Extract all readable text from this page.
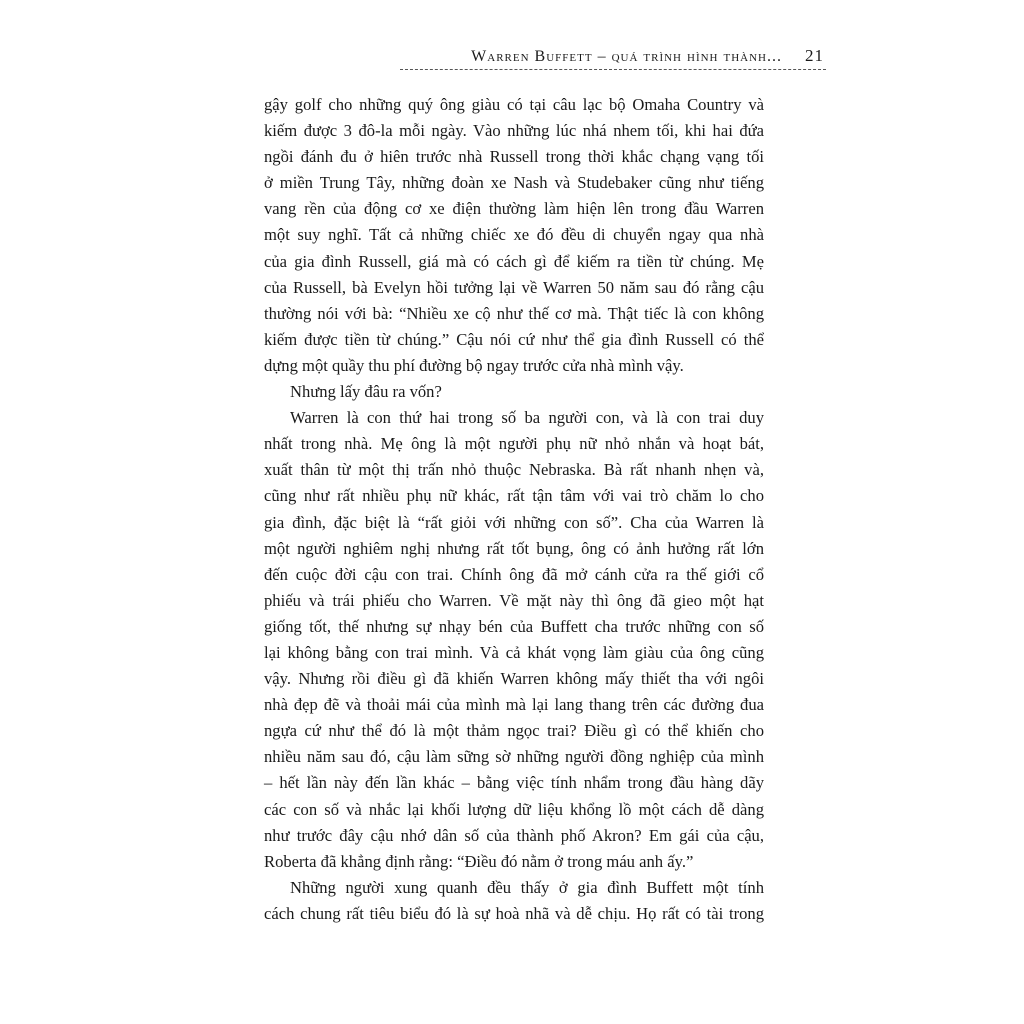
Warren Buffett – quá trình hình thành... 21
gậy golf cho những quý ông giàu có tại câu lạc bộ Omaha Country và
kiếm được 3 đô-la mỗi ngày. Vào những lúc nhá nhem tối, khi hai đứa
ngồi đánh đu ở hiên trước nhà Russell trong thời khắc chạng vạng tối
ở miền Trung Tây, những đoàn xe Nash và Studebaker cũng như tiếng
vang rền của động cơ xe điện thường làm hiện lên trong đầu Warren
một suy nghĩ. Tất cả những chiếc xe đó đều di chuyển ngay qua nhà
của gia đình Russell, giá mà có cách gì để kiếm ra tiền từ chúng. Mẹ
của Russell, bà Evelyn hồi tưởng lại về Warren 50 năm sau đó rằng cậu
thường nói với bà: “Nhiều xe cộ như thế cơ mà. Thật tiếc là con không
kiếm được tiền từ chúng.” Cậu nói cứ như thể gia đình Russell có thể
dựng một quầy thu phí đường bộ ngay trước cửa nhà mình vậy.
Nhưng lấy đâu ra vốn?
Warren là con thứ hai trong số ba người con, và là con trai duy
nhất trong nhà. Mẹ ông là một người phụ nữ nhỏ nhắn và hoạt bát,
xuất thân từ một thị trấn nhỏ thuộc Nebraska. Bà rất nhanh nhẹn và,
cũng như rất nhiều phụ nữ khác, rất tận tâm với vai trò chăm lo cho
gia đình, đặc biệt là “rất giỏi với những con số”. Cha của Warren là
một người nghiêm nghị nhưng rất tốt bụng, ông có ảnh hưởng rất lớn
đến cuộc đời cậu con trai. Chính ông đã mở cánh cửa ra thế giới cổ
phiếu và trái phiếu cho Warren. Về mặt này thì ông đã gieo một hạt
giống tốt, thế nhưng sự nhạy bén của Buffett cha trước những con số
lại không bằng con trai mình. Và cả khát vọng làm giàu của ông cũng
vậy. Nhưng rồi điều gì đã khiến Warren không mấy thiết tha với ngôi
nhà đẹp đẽ và thoải mái của mình mà lại lang thang trên các đường đua
ngựa cứ như thể đó là một thảm ngọc trai? Điều gì có thể khiến cho
nhiều năm sau đó, cậu làm sững sờ những người đồng nghiệp của mình
– hết lần này đến lần khác – bằng việc tính nhẩm trong đầu hàng dãy
các con số và nhắc lại khối lượng dữ liệu khổng lồ một cách dễ dàng
như trước đây cậu nhớ dân số của thành phố Akron? Em gái của cậu,
Roberta đã khẳng định rằng: “Điều đó nằm ở trong máu anh ấy.”
Những người xung quanh đều thấy ở gia đình Buffett một tính
cách chung rất tiêu biểu đó là sự hoà nhã và dễ chịu. Họ rất có tài trong
